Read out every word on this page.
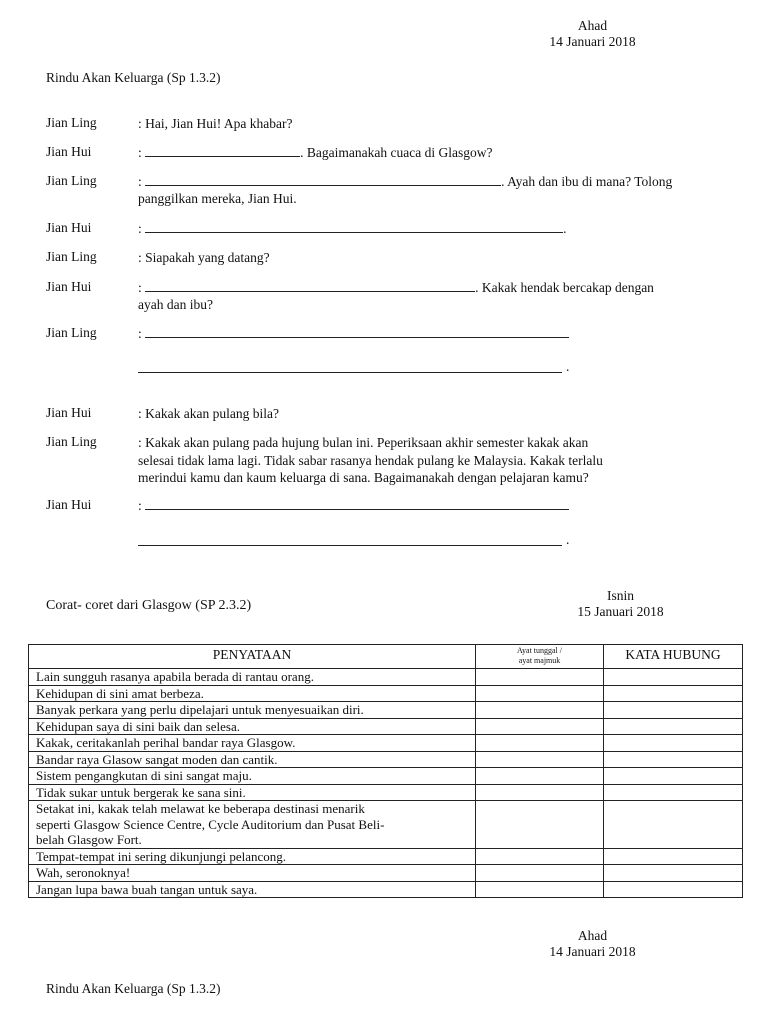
Ahad
14 Januari 2018
Rindu Akan Keluarga (Sp 1.3.2)
Jian Ling	: Hai, Jian Hui! Apa khabar?
Jian Hui	:	. Bagaimanakah cuaca di Glasgow?
Jian Ling	:	. Ayah dan ibu di mana? Tolong
panggilkan mereka, Jian Hui.
Jian Hui	:	.
Jian Ling	: Siapakah yang datang?
Jian Hui	:	. Kakak hendak bercakap dengan
ayah dan ibu?
Jian Ling	:
.
Jian Hui	: Kakak akan pulang bila?
Jian Ling	: Kakak akan pulang pada hujung bulan ini. Peperiksaan akhir semester kakak akan
selesai tidak lama lagi. Tidak sabar rasanya hendak pulang ke Malaysia. Kakak terlalu
merindui kamu dan kaum keluarga di sana. Bagaimanakah dengan pelajaran kamu?
Jian Hui	:
.
Isnin
15 Januari 2018
Corat- coret dari Glasgow (SP 2.3.2)
PENYATAAN	Ayat tunggal /
ayat majmuk	KATA HUBUNG
Lain sungguh rasanya apabila berada di rantau orang.		
Kehidupan di sini amat berbeza.		
Banyak perkara yang perlu dipelajari untuk menyesuaikan diri.		
Kehidupan saya di sini baik dan selesa.		
Kakak, ceritakanlah perihal bandar raya Glasgow.		
Bandar raya Glasow sangat moden dan cantik.		
Sistem pengangkutan di sini sangat maju.		
Tidak sukar untuk bergerak ke sana sini.		

Setakat ini, kakak telah melawat ke beberapa destinasi menarik
seperti Glasgow Science Centre, Cycle Auditorium dan Pusat Beli-
belah Glasgow Fort.		

Tempat-tempat ini sering dikunjungi pelancong.		
Wah, seronoknya!		
Jangan lupa bawa buah tangan untuk saya.		
Ahad
14 Januari 2018
Rindu Akan Keluarga (Sp 1.3.2)
